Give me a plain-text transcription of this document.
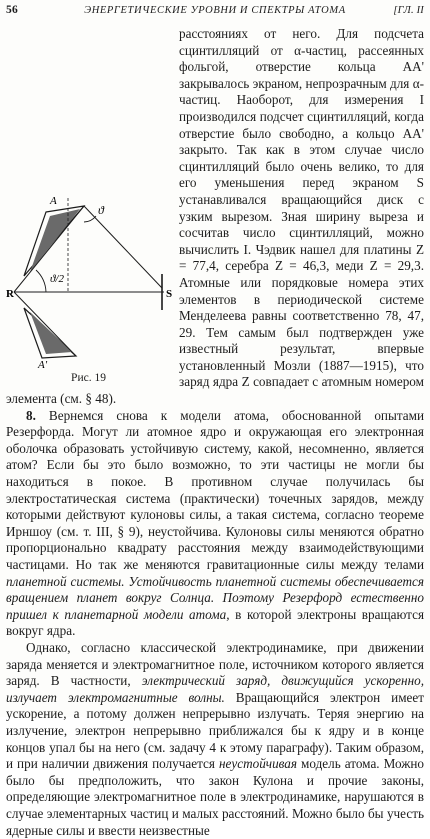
56	ЭНЕРГЕТИЧЕСКИЕ УРОВНИ И СПЕКТРЫ АТОМА	[ГЛ. II
R	S
A
A'
ϑ
ϑ/2
Рис. 19

расстояниях от него. Для подсчета сцинтилляций от α-частиц, рассеянных фольгой, отверстие кольца AA' закрывалось экраном, непрозрачным для α-частиц. Наоборот, для измерения I производился подсчет сцинтилляций, когда отверстие было свободно, а кольцо AA' закрыто. Так как в этом случае число сцинтилляций было очень велико, то для его уменьшения перед экраном S устанавливался вращающийся диск с узким вырезом. Зная ширину выреза и сосчитав число сцинтилляций, можно вычислить I. Чэдвик нашел для платины Z = 77,4, серебра Z = 46,3, меди Z = 29,3. Атомные или порядковые номера этих элементов в периодической системе Менделеева равны соответственно 78, 47, 29. Тем самым был подтвержден уже известный результат, впервые установленный Мозли (1887—1915), что заряд ядра Z совпадает с атомным номером элемента (см. § 48).

8. Вернемся снова к модели атома, обоснованной опытами Резерфорда. Могут ли атомное ядро и окружающая его электронная оболочка образовать устойчивую систему, какой, несомненно, является атом? Если бы это было возможно, то эти частицы не могли бы находиться в покое. В противном случае получилась бы электростатическая система (практически) точечных зарядов, между которыми действуют кулоновы силы, а такая система, согласно теореме Ирншоу (см. т. III, § 9), неустойчива. Кулоновы силы меняются обратно пропорционально квадрату расстояния между взаимодействующими частицами. Но так же меняются гравитационные силы между телами планетной системы. Устойчивость планетной системы обеспечивается вращением планет вокруг Солнца. Поэтому Резерфорд естественно пришел к планетарной модели атома, в которой электроны вращаются вокруг ядра.

Однако, согласно классической электродинамике, при движении заряда меняется и электромагнитное поле, источником которого является заряд. В частности, электрический заряд, движущийся ускоренно, излучает электромагнитные волны. Вращающийся электрон имеет ускорение, а потому должен непрерывно излучать. Теряя энергию на излучение, электрон непрерывно приближался бы к ядру и в конце концов упал бы на него (см. задачу 4 к этому параграфу). Таким образом, и при наличии движения получается неустойчивая модель атома. Можно было бы предположить, что закон Кулона и прочие законы, определяющие электромагнитное поле в электродинамике, нарушаются в случае элементарных частиц и малых расстояний. Можно было бы учесть ядерные силы и ввести неизвестные
